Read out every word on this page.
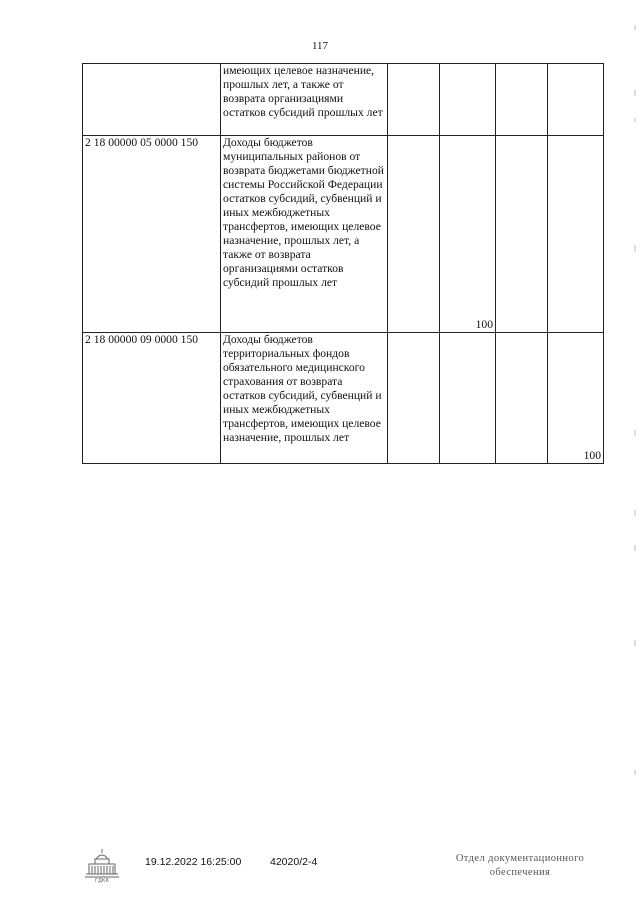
117
	имеющих целевое назначение, прошлых лет, а также от возврата организациями остатков субсидий прошлых лет				
2 18 00000 05 0000 150	Доходы бюджетов муниципальных районов от возврата бюджетами бюджетной системы Российской Федерации остатков субсидий, субвенций и иных межбюджетных трансфертов, имеющих целевое назначение, прошлых лет, а также от возврата организациями остатков субсидий прошлых лет		100		
2 18 00000 09 0000 150	Доходы бюджетов территориальных фондов обязательного медицинского страхования от возврата остатков субсидий, субвенций и иных межбюджетных трансфертов, имеющих целевое назначение, прошлых лет				100
ГДКК
19.12.2022 16:25:00	42020/2-4	Отдел документационного
обеспечения
